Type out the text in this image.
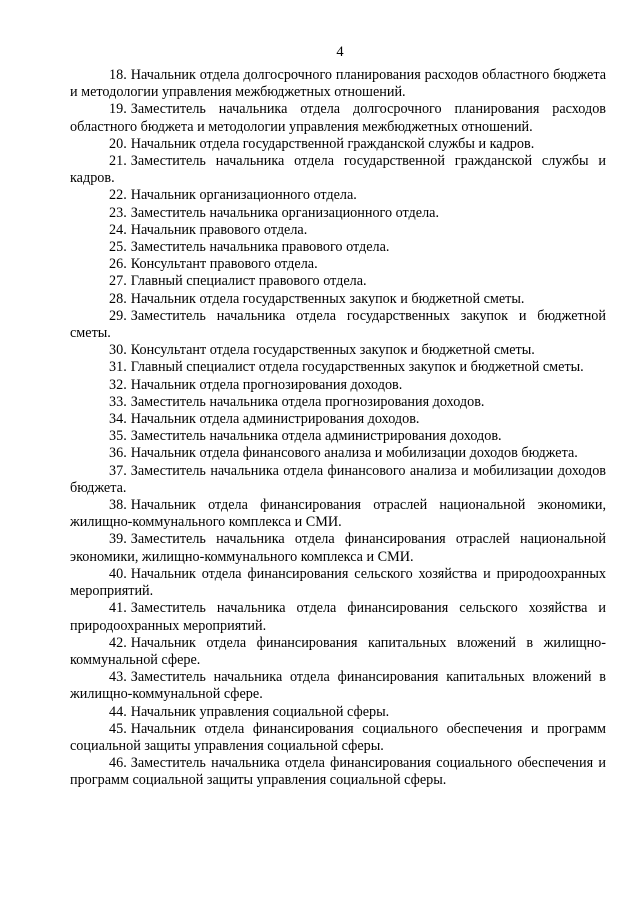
4

18. Начальник отдела долгосрочного планирования расходов областного бюджета и методологии управления межбюджетных отношений.

19. Заместитель начальника отдела долгосрочного планирования расходов областного бюджета и методологии управления межбюджетных отношений.

20. Начальник отдела государственной гражданской службы и кадров.

21. Заместитель начальника отдела государственной гражданской службы и кадров.

22. Начальник организационного отдела.

23. Заместитель начальника организационного отдела.

24. Начальник правового отдела.

25. Заместитель начальника правового отдела.

26. Консультант правового отдела.

27. Главный специалист правового отдела.

28. Начальник отдела государственных закупок и бюджетной сметы.

29. Заместитель начальника отдела государственных закупок и бюджетной сметы.

30. Консультант отдела государственных закупок и бюджетной сметы.

31. Главный специалист отдела государственных закупок и бюджетной сметы.

32. Начальник отдела прогнозирования доходов.

33. Заместитель начальника отдела прогнозирования доходов.

34. Начальник отдела администрирования доходов.

35. Заместитель начальника отдела администрирования доходов.

36. Начальник отдела финансового анализа и мобилизации доходов бюджета.

37. Заместитель начальника отдела финансового анализа и мобилизации доходов бюджета.

38. Начальник отдела финансирования отраслей национальной экономики, жилищно-коммунального комплекса и СМИ.

39. Заместитель начальника отдела финансирования отраслей национальной экономики, жилищно-коммунального комплекса и СМИ.

40. Начальник отдела финансирования сельского хозяйства и природоохранных мероприятий.

41. Заместитель начальника отдела финансирования сельского хозяйства и природоохранных мероприятий.

42. Начальник отдела финансирования капитальных вложений в жилищно-коммунальной сфере.

43. Заместитель начальника отдела финансирования капитальных вложений в жилищно-коммунальной сфере.

44. Начальник управления социальной сферы.

45. Начальник отдела финансирования социального обеспечения и программ социальной защиты управления социальной сферы.

46. Заместитель начальника отдела финансирования социального обеспечения и программ социальной защиты управления социальной сферы.
